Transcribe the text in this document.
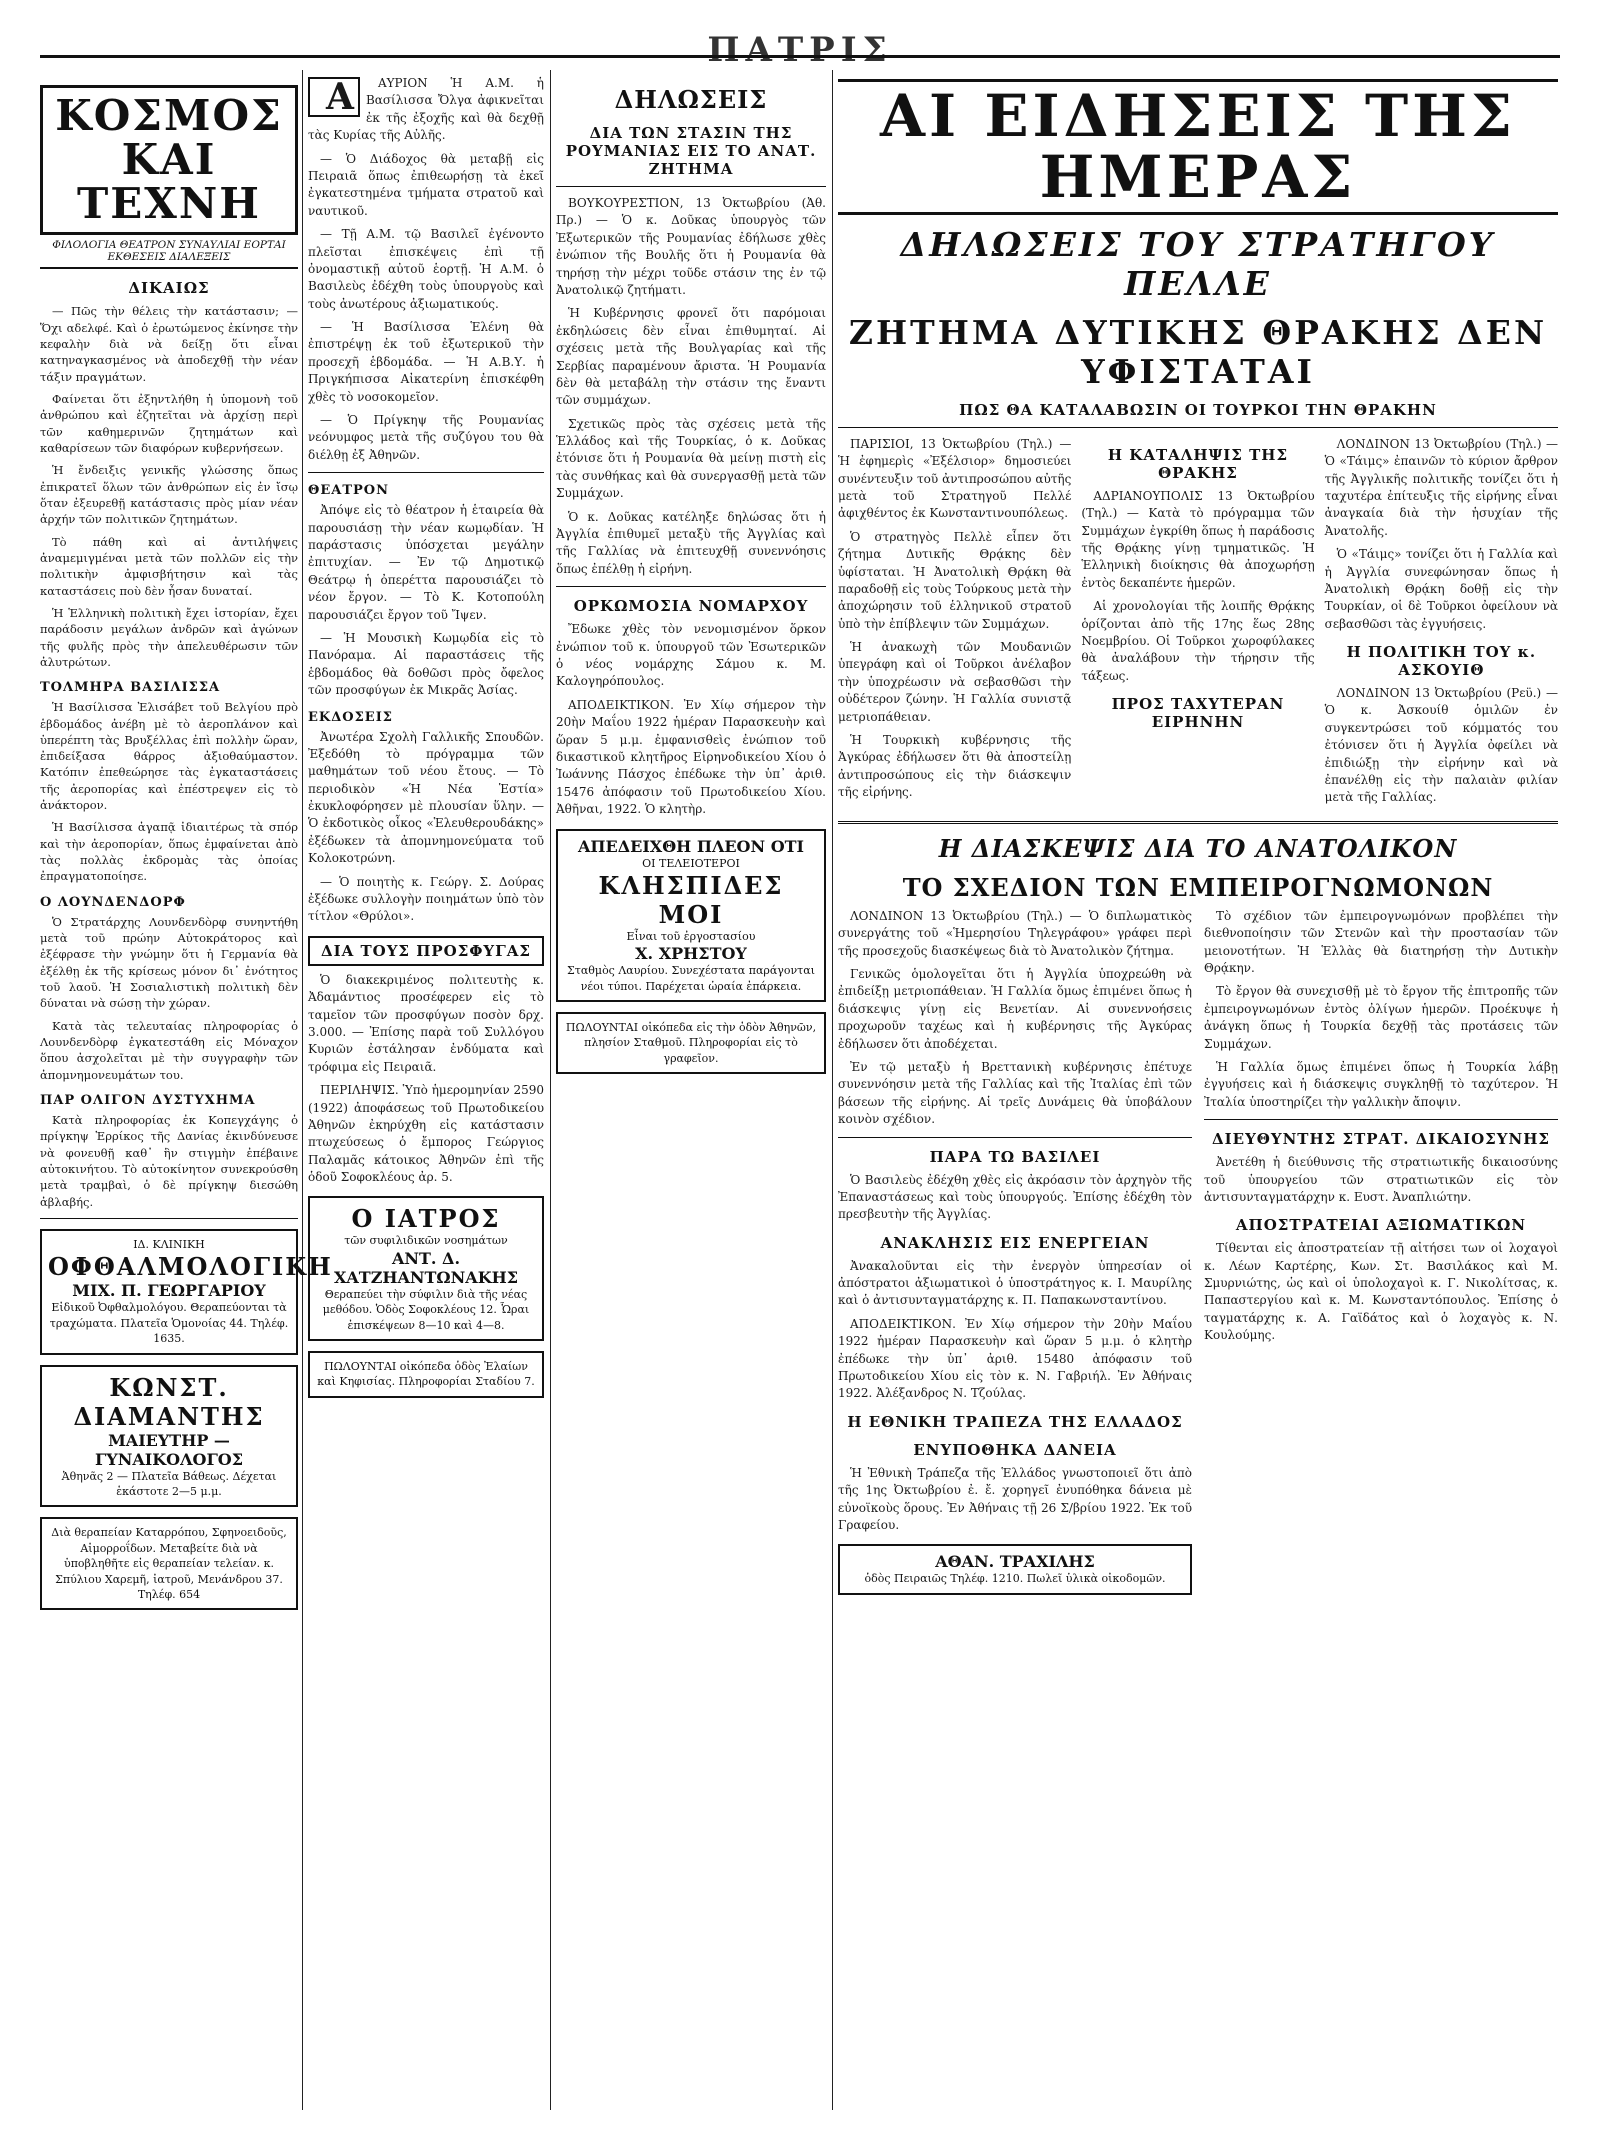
ΠΑΤΡΙΣ
ΚΟΣΜΟΣ ΚΑΙ ΤΕΧΝΗ
ΦΙΛΟΛΟΓΙΑ ΘΕΑΤΡΟΝ ΣΥΝΑΥΛΙΑΙ ΕΟΡΤΑΙ ΕΚΘΕΣΕΙΣ ΔΙΑΛΕΞΕΙΣ
ΔΙΚΑΙΩΣ

— Πῶς τὴν θέλεις τὴν κατάστασιν; — Ὅχι αδελφέ. Καὶ ὁ ἐρωτώμενος ἐκίνησε τὴν κεφαλὴν διὰ νὰ δείξῃ ὅτι εἶναι κατηναγκασμένος νὰ ἀποδεχθῇ τὴν νέαν τάξιν πραγμάτων.

Φαίνεται ὅτι ἐξηντλήθη ἡ ὑπομονὴ τοῦ ἀνθρώπου καὶ ἐζητεῖται νὰ ἀρχίσῃ περὶ τῶν καθημερινῶν ζητημάτων καὶ καθαρίσεων τῶν διαφόρων κυβερνήσεων.

Ἡ ἔνδειξις γενικῆς γλώσσης ὅπως ἐπικρατεῖ ὅλων τῶν ἀνθρώπων εἰς ἐν ἴσῳ ὅταν ἐξευρεθῇ κατάστασις πρὸς μίαν νέαν ἀρχήν τῶν πολιτικῶν ζητημάτων.

Τὸ πάθη καὶ αἱ ἀντιλήψεις ἀναμεμιγμέναι μετὰ τῶν πολλῶν εἰς τὴν πολιτικὴν ἀμφισβήτησιν καὶ τὰς καταστάσεις ποὺ δὲν ἦσαν δυναταί.

Ἡ Ἑλληνικὴ πολιτικὴ ἔχει ἱστορίαν, ἔχει παράδοσιν μεγάλων ἀνδρῶν καὶ ἀγώνων τῆς φυλῆς πρὸς τὴν ἀπελευθέρωσιν τῶν ἀλυτρώτων.

ΤΟΛΜΗΡΑ ΒΑΣΙΛΙΣΣΑ

Ἡ Βασίλισσα Ἐλισάβετ τοῦ Βελγίου πρὸ ἑβδομάδος ἀνέβη μὲ τὸ ἀεροπλάνον καὶ ὑπερέπτη τὰς Βρυξέλλας ἐπὶ πολλὴν ὥραν, ἐπιδείξασα θάρρος ἀξιοθαύμαστον. Κατόπιν ἐπεθεώρησε τὰς ἐγκαταστάσεις τῆς ἀεροπορίας καὶ ἐπέστρεψεν εἰς τὸ ἀνάκτορον.

Ἡ Βασίλισσα ἀγαπᾷ ἰδιαιτέρως τὰ σπόρ καὶ τὴν ἀεροπορίαν, ὅπως ἐμφαίνεται ἀπὸ τὰς πολλὰς ἐκδρομὰς τὰς ὁποίας ἐπραγματοποίησε.

Ο ΛΟΥΝΔΕΝΔΟΡΦ

Ὁ Στρατάρχης Λουνδενδὸρφ συνηντήθη μετὰ τοῦ πρώην Αὐτοκράτορος καὶ ἐξέφρασε τὴν γνώμην ὅτι ἡ Γερμανία θὰ ἐξέλθῃ ἐκ τῆς κρίσεως μόνον δι᾽ ἐνότητος τοῦ λαοῦ. Ἡ Σοσιαλιστικὴ πολιτικὴ δὲν δύναται νὰ σώσῃ τὴν χώραν.

Κατὰ τὰς τελευταίας πληροφορίας ὁ Λουνδενδὸρφ ἐγκατεστάθη εἰς Μόναχον ὅπου ἀσχολεῖται μὲ τὴν συγγραφὴν τῶν ἀπομνημονευμάτων του.

ΠΑΡ ΟΛΙΓΟΝ ΔΥΣΤΥΧΗΜΑ

Κατὰ πληροφορίας ἐκ Κοπεγχάγης ὁ πρίγκηψ Ἑρρίκος τῆς Δανίας ἐκινδύνευσε νὰ φονευθῇ καθ᾽ ἣν στιγμὴν ἐπέβαινε αὐτοκινήτου. Τὸ αὐτοκίνητον συνεκρούσθη μετὰ τραμβαὶ, ὁ δὲ πρίγκηψ διεσώθη ἀβλαβής.

ΙΔ. ΚΛΙΝΙΚΗ
ΟΦΘΑΛΜΟΛΟΓΙΚΗ
ΜΙΧ. Π. ΓΕΩΡΓΑΡΙΟΥ
Εἰδικοῦ Ὀφθαλμολόγου. Θεραπεύονται τὰ τραχώματα. Πλατεῖα Ὁμονοίας 44. Τηλέφ. 1635.
ΚΩΝΣΤ. ΔΙΑΜΑΝΤΗΣ
ΜΑΙΕΥΤΗΡ — ΓΥΝΑΙΚΟΛΟΓΟΣ
Ἀθηνᾶς 2 — Πλατεῖα Βάθεως. Δέχεται ἑκάστοτε 2—5 μ.μ.
Διὰ θεραπείαν Καταρρόπου, Σφηνοειδοῦς, Αἱμορροΐδων. Μεταβείτε διὰ νὰ ὑποβληθῆτε εἰς θεραπείαν τελείαν. κ. Σπύλιου Χαρεμῆ, ἰατροῦ, Μενάνδρου 37. Τηλέφ. 654

Α	ΑΥΡΙΟΝ Ἡ Α.Μ. ἡ Βασίλισσα Ὄλγα ἀφικνεῖται ἐκ τῆς ἐξοχῆς καὶ θὰ δεχθῇ τὰς Κυρίας τῆς Αὐλῆς.

— Ὁ Διάδοχος θὰ μεταβῇ εἰς Πειραιᾶ ὅπως ἐπιθεωρήσῃ τὰ ἐκεῖ ἐγκατεστημένα τμήματα στρατοῦ καὶ ναυτικοῦ.

— Τῇ Α.Μ. τῷ Βασιλεῖ ἐγένοντο πλεῖσται ἐπισκέψεις ἐπὶ τῇ ὀνομαστικῇ αὐτοῦ ἑορτῇ. Ἡ Α.Μ. ὁ Βασιλεὺς ἐδέχθη τοὺς ὑπουργοὺς καὶ τοὺς ἀνωτέρους ἀξιωματικούς.

— Ἡ Βασίλισσα Ἑλένη θὰ ἐπιστρέψῃ ἐκ τοῦ ἐξωτερικοῦ τὴν προσεχῆ ἑβδομάδα. — Ἡ Α.Β.Υ. ἡ Πριγκήπισσα Αἰκατερίνη ἐπισκέφθη χθὲς τὸ νοσοκομεῖον.

— Ὁ Πρίγκηψ τῆς Ρουμανίας νεόνυμφος μετὰ τῆς συζύγου του θὰ διέλθῃ ἐξ Ἀθηνῶν.

ΘΕΑΤΡΟΝ

Ἀπόψε εἰς τὸ θέατρον ἡ ἑταιρεία θὰ παρουσιάσῃ τὴν νέαν κωμῳδίαν. Ἡ παράστασις ὑπόσχεται μεγάλην ἐπιτυχίαν. — Ἐν τῷ Δημοτικῷ Θεάτρῳ ἡ ὀπερέττα παρουσιάζει τὸ νέον ἔργον. — Τὸ Κ. Κοτοπούλη παρουσιάζει ἔργον τοῦ Ἴψεν.

— Ἡ Μουσικὴ Κωμῳδία εἰς τὸ Πανόραμα. Αἱ παραστάσεις τῆς ἑβδομάδος θὰ δοθῶσι πρὸς ὄφελος τῶν προσφύγων ἐκ Μικρᾶς Ἀσίας.

ΕΚΔΟΣΕΙΣ

Ἀνωτέρα Σχολὴ Γαλλικῆς Σπουδῶν. Ἐξεδόθη τὸ πρόγραμμα τῶν μαθημάτων τοῦ νέου ἔτους. — Τὸ περιοδικὸν «Ἡ Νέα Ἑστία» ἐκυκλοφόρησεν μὲ πλουσίαν ὕλην. — Ὁ ἐκδοτικὸς οἶκος «Ἑλευθερουδάκης» ἐξέδωκεν τὰ ἀπομνημονεύματα τοῦ Κολοκοτρώνη.

— Ὁ ποιητὴς κ. Γεώργ. Σ. Δούρας ἐξέδωκε συλλογὴν ποιημάτων ὑπὸ τὸν τίτλον «Θρύλοι».

ΔΙΑ ΤΟΥΣ ΠΡΟΣΦΥΓΑΣ

Ὁ διακεκριμένος πολιτευτὴς κ. Ἀδαμάντιος προσέφερεν εἰς τὸ ταμεῖον τῶν προσφύγων ποσὸν δρχ. 3.000. — Ἐπίσης παρὰ τοῦ Συλλόγου Κυριῶν ἐστάλησαν ἐνδύματα καὶ τρόφιμα εἰς Πειραιᾶ.

ΠΕΡΙΛΗΨΙΣ. Ὑπὸ ἡμερομηνίαν 2590 (1922) ἀποφάσεως τοῦ Πρωτοδικείου Ἀθηνῶν ἐκηρύχθη εἰς κατάστασιν πτωχεύσεως ὁ ἔμπορος Γεώργιος Παλαμᾶς κάτοικος Ἀθηνῶν ἐπὶ τῆς ὁδοῦ Σοφοκλέους ἀρ. 5.

Ο ΙΑΤΡΟΣ
τῶν συφιλιδικῶν νοσημάτων
ΑΝΤ. Δ. ΧΑΤΖΗΑΝΤΩΝΑΚΗΣ
Θεραπεύει τὴν σύφιλιν διὰ τῆς νέας μεθόδου. Ὁδὸς Σοφοκλέους 12. Ὧραι ἐπισκέψεων 8—10 καὶ 4—8.
ΠΩΛΟΥΝΤΑΙ οἰκόπεδα ὁδὸς Ἐλαίων καὶ Κηφισίας. Πληροφορίαι Σταδίου 7.
ΔΗΛΩΣΕΙΣ
ΔΙΑ ΤΩΝ ΣΤΑΣΙΝ ΤΗΣ ΡΟΥΜΑΝΙΑΣ ΕΙΣ ΤΟ ΑΝΑΤ. ΖΗΤΗΜΑ

ΒΟΥΚΟΥΡΕΣΤΙΟΝ, 13 Ὀκτωβρίου (Ἀθ. Πρ.) — Ὁ κ. Δοῦκας ὑπουργὸς τῶν Ἐξωτερικῶν τῆς Ρουμανίας ἐδήλωσε χθὲς ἐνώπιον τῆς Βουλῆς ὅτι ἡ Ρουμανία θὰ τηρήσῃ τὴν μέχρι τοῦδε στάσιν της ἐν τῷ Ἀνατολικῷ ζητήματι.

Ἡ Κυβέρνησις φρονεῖ ὅτι παρόμοιαι ἐκδηλώσεις δὲν εἶναι ἐπιθυμηταί. Αἱ σχέσεις μετὰ τῆς Βουλγαρίας καὶ τῆς Σερβίας παραμένουν ἄριστα. Ἡ Ρουμανία δὲν θὰ μεταβάλῃ τὴν στάσιν της ἔναντι τῶν συμμάχων.

Σχετικῶς πρὸς τὰς σχέσεις μετὰ τῆς Ἑλλάδος καὶ τῆς Τουρκίας, ὁ κ. Δοῦκας ἐτόνισε ὅτι ἡ Ρουμανία θὰ μείνῃ πιστὴ εἰς τὰς συνθήκας καὶ θὰ συνεργασθῇ μετὰ τῶν Συμμάχων.

Ὁ κ. Δοῦκας κατέληξε δηλώσας ὅτι ἡ Ἀγγλία ἐπιθυμεῖ μεταξὺ τῆς Ἀγγλίας καὶ τῆς Γαλλίας νὰ ἐπιτευχθῇ συνεννόησις ὅπως ἐπέλθῃ ἡ εἰρήνη.

ΟΡΚΩΜΟΣΙΑ ΝΟΜΑΡΧΟΥ

Ἔδωκε χθὲς τὸν νενομισμένον ὅρκον ἐνώπιον τοῦ κ. ὑπουργοῦ τῶν Ἐσωτερικῶν ὁ νέος νομάρχης Σάμου κ. Μ. Καλογηρόπουλος.

ΑΠΟΔΕΙΚΤΙΚΟΝ. Ἐν Χίῳ σήμερον τὴν 20ὴν Μαΐου 1922 ἡμέραν Παρασκευὴν καὶ ὥραν 5 μ.μ. ἐμφανισθεὶς ἐνώπιον τοῦ δικαστικοῦ κλητῆρος Εἰρηνοδικείου Χίου ὁ Ἰωάννης Πάσχος ἐπέδωκε τὴν ὑπ᾽ ἀριθ. 15476 ἀπόφασιν τοῦ Πρωτοδικείου Χίου. Ἀθῆναι, 1922. Ὁ κλητὴρ.

ΑΠΕΔΕΙΧΘΗ ΠΛΕΟΝ ΟΤΙ
ΟΙ ΤΕΛΕΙΟΤΕΡΟΙ
ΚΛΗΣΠΙΔΕΣ ΜΟΙ
Εἶναι τοῦ ἐργοστασίου
Χ. ΧΡΗΣΤΟΥ
Σταθμὸς Λαυρίου. Συνεχέστατα παράγονται νέοι τύποι. Παρέχεται ὡραία ἐπάρκεια.
ΠΩΛΟΥΝΤΑΙ οἰκόπεδα εἰς τὴν ὁδὸν Ἀθηνῶν, πλησίον Σταθμοῦ. Πληροφορίαι εἰς τὸ γραφεῖον.
ΑΙ ΕΙΔΗΣΕΙΣ ΤΗΣ ΗΜΕΡΑΣ
ΔΗΛΩΣΕΙΣ ΤΟΥ ΣΤΡΑΤΗΓΟΥ ΠΕΛΛΕ
ΖΗΤΗΜΑ ΔΥΤΙΚΗΣ ΘΡΑΚΗΣ ΔΕΝ ΥΦΙΣΤΑΤΑΙ
ΠΩΣ ΘΑ ΚΑΤΑΛΑΒΩΣΙΝ ΟΙ ΤΟΥΡΚΟΙ ΤΗΝ ΘΡΑΚΗΝ

ΠΑΡΙΣΙΟΙ, 13 Ὀκτωβρίου (Τηλ.) — Ἡ ἐφημερὶς «Ἐξέλσιορ» δημοσιεύει συνέντευξιν τοῦ ἀντιπροσώπου αὐτῆς μετὰ τοῦ Στρατηγοῦ Πελλέ ἀφιχθέντος ἐκ Κωνσταντινουπόλεως.

Ὁ στρατηγὸς Πελλὲ εἶπεν ὅτι ζήτημα Δυτικῆς Θρᾴκης δὲν ὑφίσταται. Ἡ Ἀνατολικὴ Θρᾴκη θὰ παραδοθῇ εἰς τοὺς Τούρκους μετὰ τὴν ἀποχώρησιν τοῦ ἑλληνικοῦ στρατοῦ ὑπὸ τὴν ἐπίβλεψιν τῶν Συμμάχων.

Ἡ ἀνακωχὴ τῶν Μουδανιῶν ὑπεγράφη καὶ οἱ Τοῦρκοι ἀνέλαβον τὴν ὑποχρέωσιν νὰ σεβασθῶσι τὴν οὐδέτερον ζώνην. Ἡ Γαλλία συνιστᾷ μετριοπάθειαν.

Ἡ Τουρκικὴ κυβέρνησις τῆς Ἀγκύρας ἐδήλωσεν ὅτι θὰ ἀποστείλῃ ἀντιπροσώπους εἰς τὴν διάσκεψιν τῆς εἰρήνης.

Η ΚΑΤΑΛΗΨΙΣ ΤΗΣ ΘΡΑΚΗΣ

ΑΔΡΙΑΝΟΥΠΟΛΙΣ 13 Ὀκτωβρίου (Τηλ.) — Κατὰ τὸ πρόγραμμα τῶν Συμμάχων ἐγκρίθη ὅπως ἡ παράδοσις τῆς Θρᾴκης γίνῃ τμηματικῶς. Ἡ Ἑλληνικὴ διοίκησις θὰ ἀποχωρήσῃ ἐντὸς δεκαπέντε ἡμερῶν.

Αἱ χρονολογίαι τῆς λοιπῆς Θρᾴκης ὁρίζονται ἀπὸ τῆς 17ης ἕως 28ης Νοεμβρίου. Οἱ Τοῦρκοι χωροφύλακες θὰ ἀναλάβουν τὴν τήρησιν τῆς τάξεως.

ΠΡΟΣ ΤΑΧΥΤΕΡΑΝ ΕΙΡΗΝΗΝ

ΛΟΝΔΙΝΟΝ 13 Ὀκτωβρίου (Τηλ.) — Ὁ «Τάιμς» ἐπαινῶν τὸ κύριον ἄρθρον τῆς Ἀγγλικῆς πολιτικῆς τονίζει ὅτι ἡ ταχυτέρα ἐπίτευξις τῆς εἰρήνης εἶναι ἀναγκαία διὰ τὴν ἡσυχίαν τῆς Ἀνατολῆς.

Ὁ «Τάιμς» τονίζει ὅτι ἡ Γαλλία καὶ ἡ Ἀγγλία συνεφώνησαν ὅπως ἡ Ἀνατολικὴ Θρᾴκη δοθῇ εἰς τὴν Τουρκίαν, οἱ δὲ Τοῦρκοι ὀφείλουν νὰ σεβασθῶσι τὰς ἐγγυήσεις.

Η ΠΟΛΙΤΙΚΗ ΤΟΥ κ. ΑΣΚΟΥΙΘ

ΛΟΝΔΙΝΟΝ 13 Ὀκτωβρίου (Ρεϋ.) — Ὁ κ. Ἀσκουίθ ὁμιλῶν ἐν συγκεντρώσει τοῦ κόμματός του ἐτόνισεν ὅτι ἡ Ἀγγλία ὀφείλει νὰ ἐπιδιώξῃ τὴν εἰρήνην καὶ νὰ ἐπανέλθῃ εἰς τὴν παλαιὰν φιλίαν μετὰ τῆς Γαλλίας.

Η ΔΙΑΣΚΕΨΙΣ ΔΙΑ ΤΟ ΑΝΑΤΟΛΙΚΟΝ
ΤΟ ΣΧΕΔΙΟΝ ΤΩΝ ΕΜΠΕΙΡΟΓΝΩΜΟΝΩΝ

ΛΟΝΔΙΝΟΝ 13 Ὀκτωβρίου (Τηλ.) — Ὁ διπλωματικὸς συνεργάτης τοῦ «Ἡμερησίου Τηλεγράφου» γράφει περὶ τῆς προσεχοῦς διασκέψεως διὰ τὸ Ἀνατολικὸν ζήτημα.

Γενικῶς ὁμολογεῖται ὅτι ἡ Ἀγγλία ὑποχρεώθη νὰ ἐπιδείξῃ μετριοπάθειαν. Ἡ Γαλλία ὅμως ἐπιμένει ὅπως ἡ διάσκεψις γίνῃ εἰς Βενετίαν. Αἱ συνεννοήσεις προχωροῦν ταχέως καὶ ἡ κυβέρνησις τῆς Ἀγκύρας ἐδήλωσεν ὅτι ἀποδέχεται.

Ἐν τῷ μεταξὺ ἡ Βρεττανικὴ κυβέρνησις ἐπέτυχε συνεννόησιν μετὰ τῆς Γαλλίας καὶ τῆς Ἰταλίας ἐπὶ τῶν βάσεων τῆς εἰρήνης. Αἱ τρεῖς Δυνάμεις θὰ ὑποβάλουν κοινὸν σχέδιον.

ΠΑΡΑ ΤΩ ΒΑΣΙΛΕΙ

Ὁ Βασιλεὺς ἐδέχθη χθὲς εἰς ἀκρόασιν τὸν ἀρχηγὸν τῆς Ἐπαναστάσεως καὶ τοὺς ὑπουργούς. Ἐπίσης ἐδέχθη τὸν πρεσβευτὴν τῆς Ἀγγλίας.

ΑΝΑΚΛΗΣΙΣ ΕΙΣ ΕΝΕΡΓΕΙΑΝ

Ἀνακαλοῦνται εἰς τὴν ἐνεργὸν ὑπηρεσίαν οἱ ἀπόστρατοι ἀξιωματικοὶ ὁ ὑποστράτηγος κ. Ι. Μαυρίλης καὶ ὁ ἀντισυνταγματάρχης κ. Π. Παπακωνσταντίνου.

ΑΠΟΔΕΙΚΤΙΚΟΝ. Ἐν Χίῳ σήμερον τὴν 20ὴν Μαΐου 1922 ἡμέραν Παρασκευὴν καὶ ὥραν 5 μ.μ. ὁ κλητὴρ ἐπέδωκε τὴν ὑπ᾽ ἀριθ. 15480 ἀπόφασιν τοῦ Πρωτοδικείου Χίου εἰς τὸν κ. Ν. Γαβριήλ. Ἐν Ἀθήναις 1922. Ἀλέξανδρος Ν. Τζούλας.

Η ΕΘΝΙΚΗ ΤΡΑΠΕΖΑ ΤΗΣ ΕΛΛΑΔΟΣ
ΕΝΥΠΟΘΗΚΑ ΔΑΝΕΙΑ

Ἡ Ἐθνικὴ Τράπεζα τῆς Ἑλλάδος γνωστοποιεῖ ὅτι ἀπὸ τῆς 1ης Ὀκτωβρίου ἐ. ἔ. χορηγεῖ ἐνυπόθηκα δάνεια μὲ εὐνοϊκοὺς ὅρους. Ἐν Ἀθήναις τῇ 26 Σ/βρίου 1922. Ἐκ τοῦ Γραφείου.

ΑΘΑΝ. ΤΡΑΧΙΛΗΣ
ὁδὸς Πειραιῶς Τηλέφ. 1210. Πωλεῖ ὑλικὰ οἰκοδομῶν.

Τὸ σχέδιον τῶν ἐμπειρογνωμόνων προβλέπει τὴν διεθνοποίησιν τῶν Στενῶν καὶ τὴν προστασίαν τῶν μειονοτήτων. Ἡ Ἑλλὰς θὰ διατηρήσῃ τὴν Δυτικὴν Θρᾴκην.

Τὸ ἔργον θὰ συνεχισθῇ μὲ τὸ ἔργον τῆς ἐπιτροπῆς τῶν ἐμπειρογνωμόνων ἐντὸς ὀλίγων ἡμερῶν. Προέκυψε ἡ ἀνάγκη ὅπως ἡ Τουρκία δεχθῇ τὰς προτάσεις τῶν Συμμάχων.

Ἡ Γαλλία ὅμως ἐπιμένει ὅπως ἡ Τουρκία λάβῃ ἐγγυήσεις καὶ ἡ διάσκεψις συγκληθῇ τὸ ταχύτερον. Ἡ Ἰταλία ὑποστηρίζει τὴν γαλλικὴν ἄποψιν.

ΔΙΕΥΘΥΝΤΗΣ ΣΤΡΑΤ. ΔΙΚΑΙΟΣΥΝΗΣ

Ἀνετέθη ἡ διεύθυνσις τῆς στρατιωτικῆς δικαιοσύνης τοῦ ὑπουργείου τῶν στρατιωτικῶν εἰς τὸν ἀντισυνταγματάρχην κ. Ευστ. Ἀναπλιώτην.

ΑΠΟΣΤΡΑΤΕΙΑΙ ΑΞΙΩΜΑΤΙΚΩΝ

Τίθενται εἰς ἀποστρατείαν τῇ αἰτήσει των οἱ λοχαγοὶ κ. Λέων Καρτέρης, Κων. Στ. Βασιλάκος καὶ Μ. Σμυρνιώτης, ὡς καὶ οἱ ὑπολοχαγοὶ κ. Γ. Νικολίτσας, κ. Παπαστεργίου καὶ κ. Μ. Κωνσταντόπουλος. Ἐπίσης ὁ ταγματάρχης κ. Α. Γαϊδάτος καὶ ὁ λοχαγὸς κ. Ν. Κουλούμης.
